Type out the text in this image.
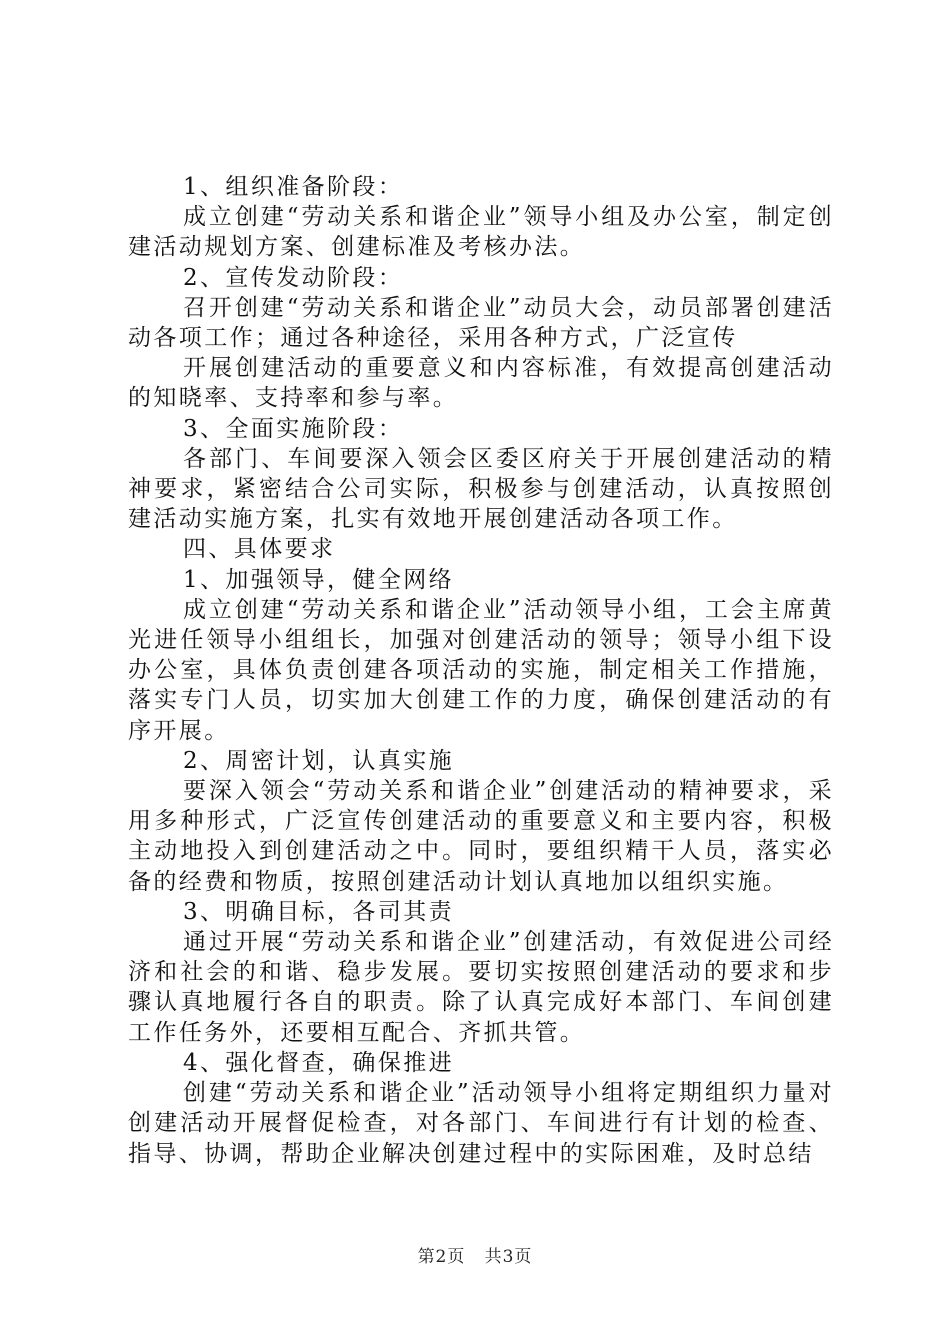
1、组织准备阶段：

成立创建“劳动关系和谐企业”领导小组及办公室，制定创建活动规划方案、创建标准及考核办法。

2、宣传发动阶段：

召开创建“劳动关系和谐企业”动员大会，动员部署创建活动各项工作；通过各种途径，采用各种方式，广泛宣传

开展创建活动的重要意义和内容标准，有效提高创建活动的知晓率、支持率和参与率。

3、全面实施阶段：

各部门、车间要深入领会区委区府关于开展创建活动的精神要求，紧密结合公司实际，积极参与创建活动，认真按照创建活动实施方案，扎实有效地开展创建活动各项工作。

四、具体要求

1、加强领导，健全网络

成立创建“劳动关系和谐企业”活动领导小组，工会主席黄光进任领导小组组长，加强对创建活动的领导；领导小组下设办公室，具体负责创建各项活动的实施，制定相关工作措施，落实专门人员，切实加大创建工作的力度，确保创建活动的有序开展。

2、周密计划，认真实施

要深入领会“劳动关系和谐企业”创建活动的精神要求，采用多种形式，广泛宣传创建活动的重要意义和主要内容，积极主动地投入到创建活动之中。同时，要组织精干人员，落实必备的经费和物质，按照创建活动计划认真地加以组织实施。

3、明确目标，各司其责

通过开展“劳动关系和谐企业”创建活动，有效促进公司经济和社会的和谐、稳步发展。要切实按照创建活动的要求和步骤认真地履行各自的职责。除了认真完成好本部门、车间创建工作任务外，还要相互配合、齐抓共管。

4、强化督查，确保推进

创建“劳动关系和谐企业”活动领导小组将定期组织力量对创建活动开展督促检查，对各部门、车间进行有计划的检查、指导、协调，帮助企业解决创建过程中的实际困难，及时总结

第2页 共3页
